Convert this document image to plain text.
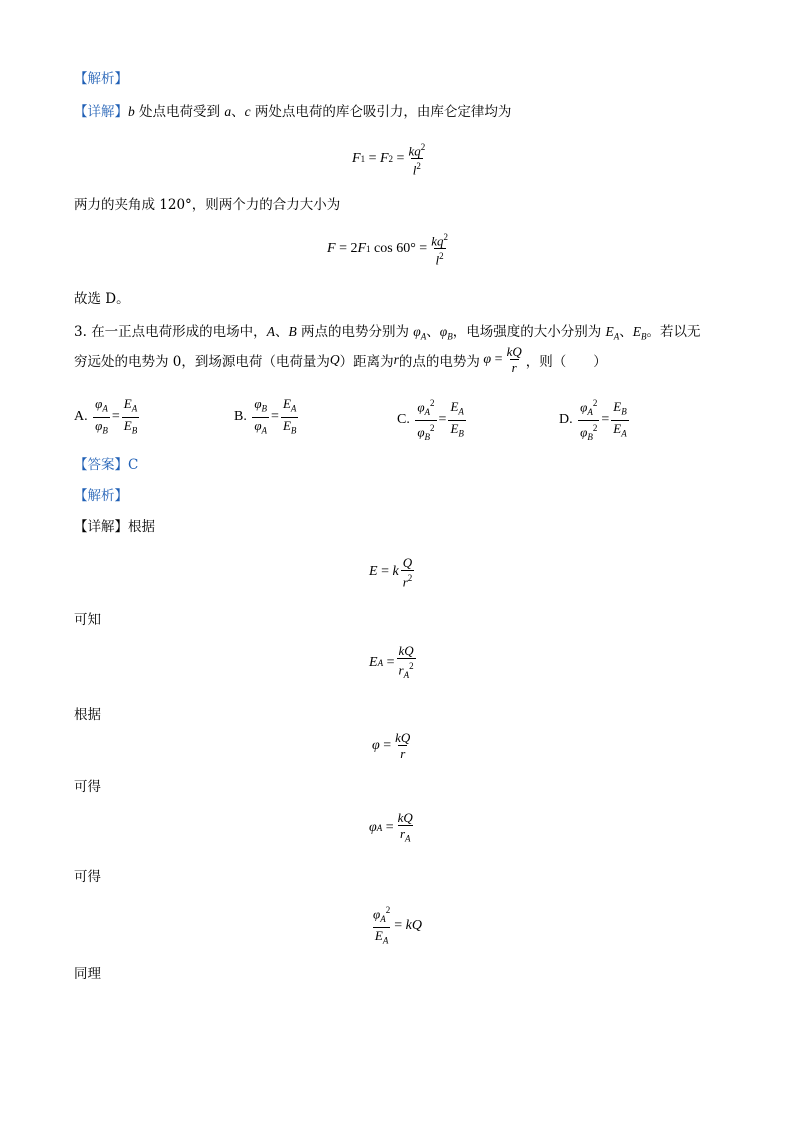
【解析】
【详解】b 处点电荷受到 a、c 两处点电荷的库仑吸引力，由库仑定律均为
F 1 = F $2 = \frac{kq^2}{l^2}$
两力的夹角成 120°，则两个力的合力大小为
F = 2 F 1 $\cos 60^\circ = \frac{kq^2}{l^2}$
故选 D。
3. 在一正点电荷形成的电场中，A、B 两点的电势分别为 $\varphi_A$、$\varphi_B$，电场强度的大小分别为 $E_A$、$E_B$。若以无
穷远处的电势为 0，到场源电荷（电荷量为 Q ）距离为 r 的点的电势为
$\varphi = \frac{kQ}{r}$ ，则（　　）
A.
$\frac{\varphi_A}{\varphi_B} = \frac{E_A}{E_B}$	B.
$\frac{\varphi_B}{\varphi_A} = \frac{E_A}{E_B}$	C.
$\frac{\varphi_A^2}{\varphi_B^2} = \frac{E_A}{E_B}$	D.
$\frac{\varphi_A^2}{\varphi_B^2} = \frac{E_B}{E_A}$
【答案】C
【解析】
【详解】根据
E = k $\frac{Q}{r^2}$
可知
E $A = \frac{kQ}{r_A^2}$
根据
$\varphi = \frac{kQ}{r}$
可得
φ $A = \frac{kQ}{r_A}$
可得
$\frac{\varphi_A^2}{E_A}$ = kQ
同理
